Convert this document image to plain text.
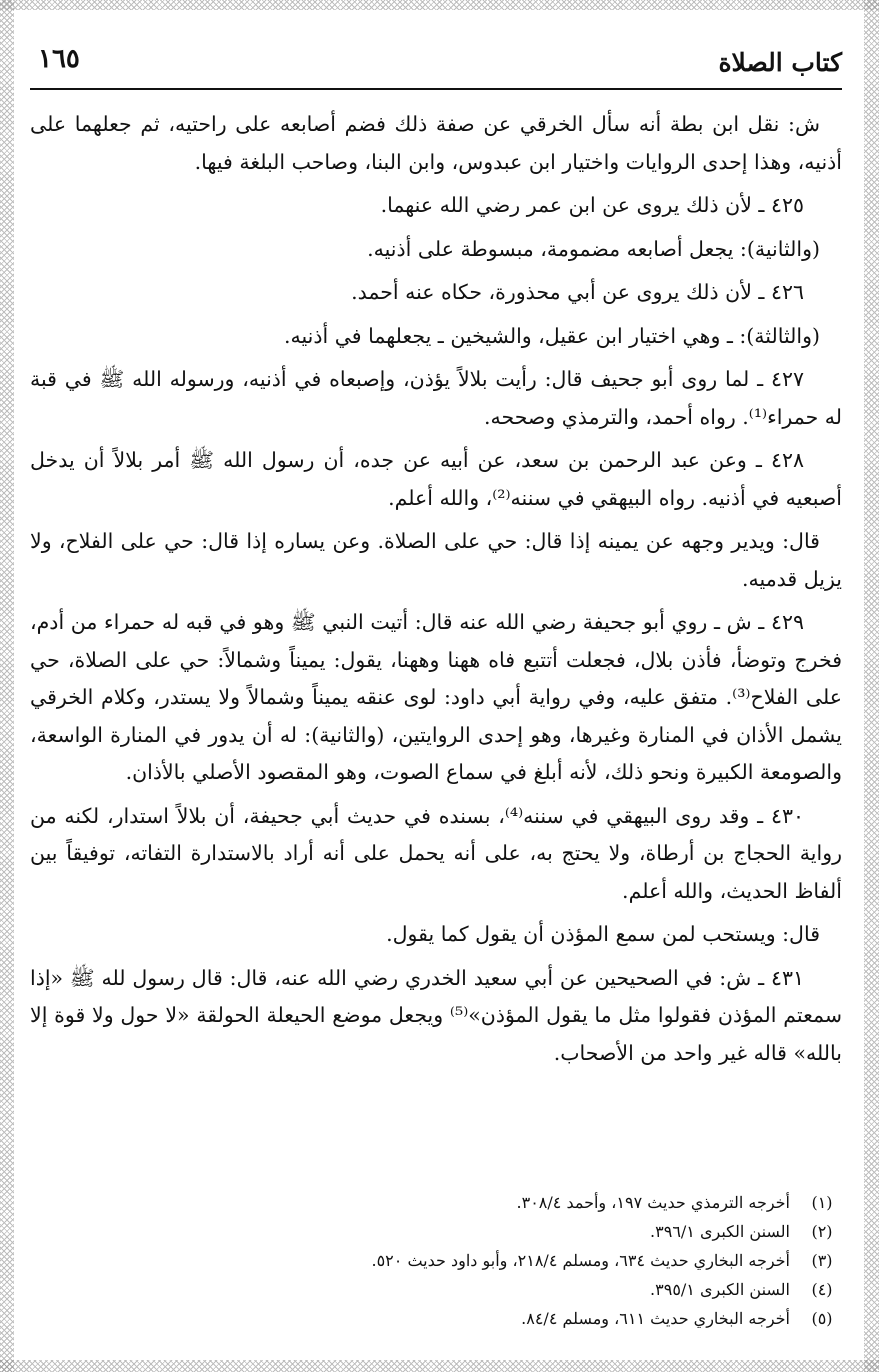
كتاب الصلاة
١٦٥

ش: نقل ابن بطة أنه سأل الخرقي عن صفة ذلك فضم أصابعه على راحتيه، ثم جعلهما على أذنيه، وهذا إحدى الروايات واختيار ابن عبدوس، وابن البنا، وصاحب البلغة فيها.

٤٢٥ ـ لأن ذلك يروى عن ابن عمر رضي الله عنهما.

(والثانية): يجعل أصابعه مضمومة، مبسوطة على أذنيه.

٤٢٦ ـ لأن ذلك يروى عن أبي محذورة، حكاه عنه أحمد.

(والثالثة): ـ وهي اختيار ابن عقيل، والشيخين ـ يجعلهما في أذنيه.

٤٢٧ ـ لما روى أبو جحيف قال: رأيت بلالاً يؤذن، وإصبعاه في أذنيه، ورسوله الله ﷺ في قبة له حمراء⁽¹⁾. رواه أحمد، والترمذي وصححه.

٤٢٨ ـ وعن عبد الرحمن بن سعد، عن أبيه عن جده، أن رسول الله ﷺ أمر بلالاً أن يدخل أصبعيه في أذنيه. رواه البيهقي في سننه⁽²⁾، والله أعلم.

قال: ويدير وجهه عن يمينه إذا قال: حي على الصلاة. وعن يساره إذا قال: حي على الفلاح، ولا يزيل قدميه.

٤٢٩ ـ ش ـ روي أبو جحيفة رضي الله عنه قال: أتيت النبي ﷺ وهو في قبه له حمراء من أدم، فخرج وتوضأ، فأذن بلال، فجعلت أتتبع فاه ههنا وههنا، يقول: يميناً وشمالاً: حي على الصلاة، حي على الفلاح⁽³⁾. متفق عليه، وفي رواية أبي داود: لوى عنقه يميناً وشمالاً ولا يستدر، وكلام الخرقي يشمل الأذان في المنارة وغيرها، وهو إحدى الروايتين، (والثانية): له أن يدور في المنارة الواسعة، والصومعة الكبيرة ونحو ذلك، لأنه أبلغ في سماع الصوت، وهو المقصود الأصلي بالأذان.

٤٣٠ ـ وقد روى البيهقي في سننه⁽⁴⁾، بسنده في حديث أبي جحيفة، أن بلالاً استدار، لكنه من رواية الحجاج بن أرطاة، ولا يحتج به، على أنه يحمل على أنه أراد بالاستدارة التفاته، توفيقاً بين ألفاظ الحديث، والله أعلم.

قال: ويستحب لمن سمع المؤذن أن يقول كما يقول.

٤٣١ ـ ش: في الصحيحين عن أبي سعيد الخدري رضي الله عنه، قال: قال رسول لله ﷺ «إذا سمعتم المؤذن فقولوا مثل ما يقول المؤذن»⁽⁵⁾ ويجعل موضع الحيعلة الحولقة «لا حول ولا قوة إلا بالله» قاله غير واحد من الأصحاب.

(١)
أخرجه الترمذي حديث ١٩٧، وأحمد ٣٠٨/٤.
(٢)
السنن الكبرى ٣٩٦/١.
(٣)
أخرجه البخاري حديث ٦٣٤، ومسلم ٢١٨/٤، وأبو داود حديث ٥٢٠.
(٤)
السنن الكبرى ٣٩٥/١.
(٥)
أخرجه البخاري حديث ٦١١، ومسلم ٨٤/٤.
